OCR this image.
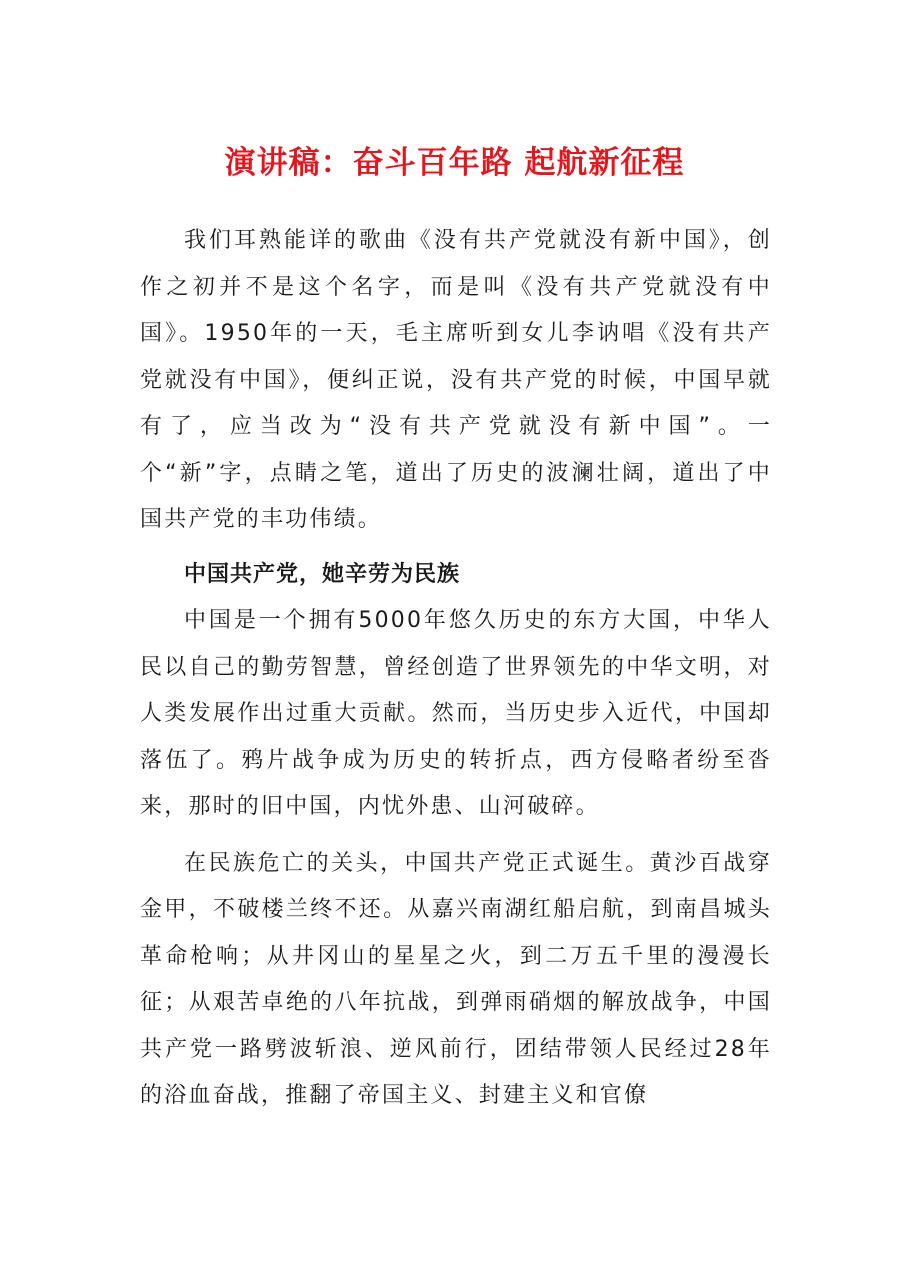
演讲稿：奋斗百年路 起航新征程

我们耳熟能详的歌曲《没有共产党就没有新中国》，创作之初并不是这个名字，而是叫《没有共产党就没有中国》。1950年的一天，毛主席听到女儿李讷唱《没有共产党就没有中国》，便纠正说，没有共产党的时候，中国早就有了，应当改为“没有共产党就没有新中国”。一个“新”字，点睛之笔，道出了历史的波澜壮阔，道出了中国共产党的丰功伟绩。

中国共产党，她辛劳为民族

中国是一个拥有5000年悠久历史的东方大国，中华人民以自己的勤劳智慧，曾经创造了世界领先的中华文明，对人类发展作出过重大贡献。然而，当历史步入近代，中国却落伍了。鸦片战争成为历史的转折点，西方侵略者纷至沓来，那时的旧中国，内忧外患、山河破碎。

在民族危亡的关头，中国共产党正式诞生。黄沙百战穿金甲，不破楼兰终不还。从嘉兴南湖红船启航，到南昌城头革命枪响；从井冈山的星星之火，到二万五千里的漫漫长征；从艰苦卓绝的八年抗战，到弹雨硝烟的解放战争，中国共产党一路劈波斩浪、逆风前行，团结带领人民经过28年的浴血奋战，推翻了帝国主义、封建主义和官僚
